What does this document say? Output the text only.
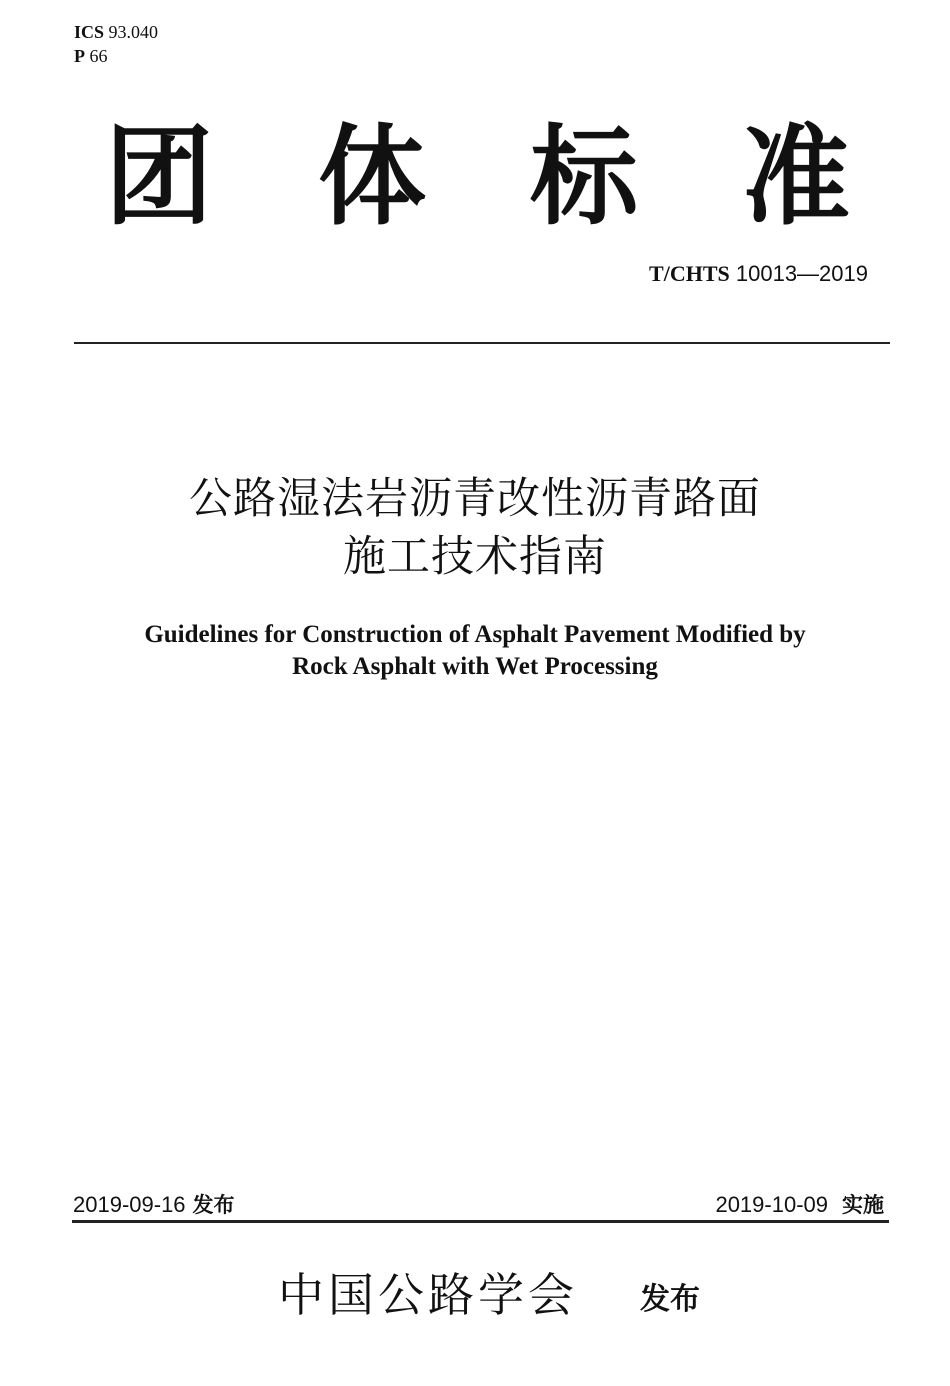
ICS 93.040
P 66
团 体 标 准
T/CHTS 10013—2019
公路湿法岩沥青改性沥青路面
施工技术指南
Guidelines for Construction of Asphalt Pavement Modified by
Rock Asphalt with Wet Processing
2019-09-16 发布	2019-10-09 实施
中国公路学会 发布
